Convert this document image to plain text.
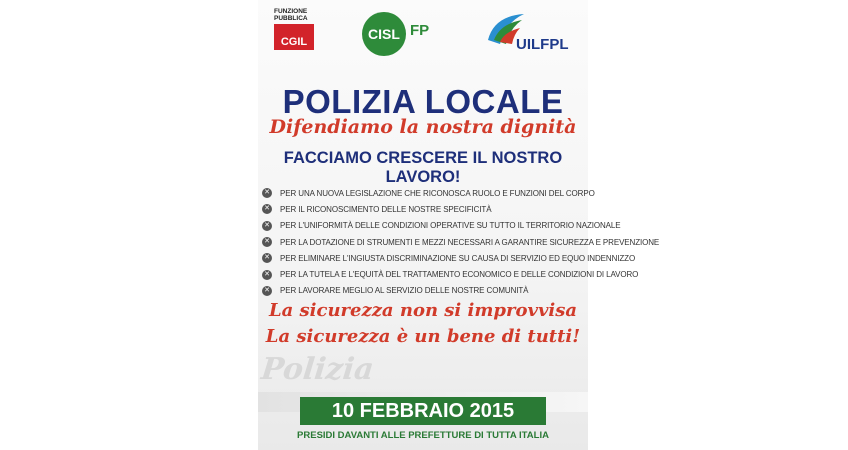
FUNZIONE PUBBLICA
CGIL	CISL FP
UILFPL
POLIZIA LOCALE
Difendiamo la nostra dignità
FACCIAMO CRESCERE IL NOSTRO LAVORO!
✕ PER UNA NUOVA LEGISLAZIONE CHE RICONOSCA RUOLO E FUNZIONI DEL CORPO
✕ PER IL RICONOSCIMENTO DELLE NOSTRE SPECIFICITÀ
✕ PER L'UNIFORMITÀ DELLE CONDIZIONI OPERATIVE SU TUTTO IL TERRITORIO NAZIONALE
✕ PER LA DOTAZIONE DI STRUMENTI E MEZZI NECESSARI A GARANTIRE SICUREZZA E PREVENZIONE
✕ PER ELIMINARE L'INGIUSTA DISCRIMINAZIONE SU CAUSA DI SERVIZIO ED EQUO INDENNIZZO
✕ PER LA TUTELA E L'EQUITÀ DEL TRATTAMENTO ECONOMICO E DELLE CONDIZIONI DI LAVORO
✕ PER LAVORARE MEGLIO AL SERVIZIO DELLE NOSTRE COMUNITÀ
La sicurezza non si improvvisa
La sicurezza è un bene di tutti!
Polizia
10 FEBBRAIO 2015
PRESIDI DAVANTI ALLE PREFETTURE DI TUTTA ITALIA
